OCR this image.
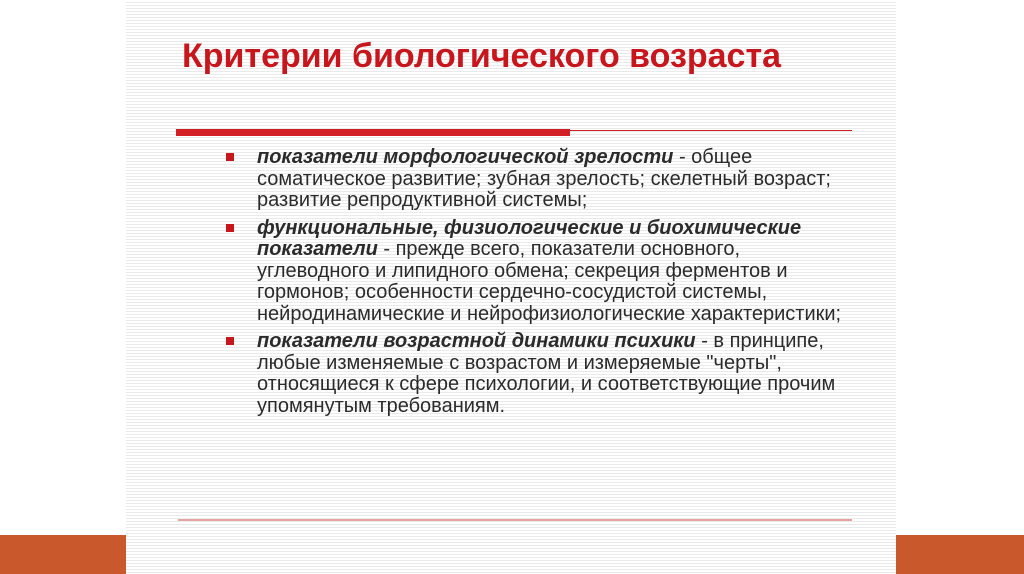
Критерии биологического возраста
показатели морфологической зрелости - общее соматическое развитие; зубная зрелость; скелетный возраст; развитие репродуктивной системы;
функциональные, физиологические и биохимические показатели - прежде всего, показатели основного, углеводного и липидного обмена; секреция ферментов и гормонов; особенности сердечно-сосудистой системы, нейродинамические и нейрофизиологические характеристики;
показатели возрастной динамики психики - в принципе, любые изменяемые с возрастом и измеряемые "черты", относящиеся к сфере психологии, и соответствующие прочим упомянутым требованиям.
